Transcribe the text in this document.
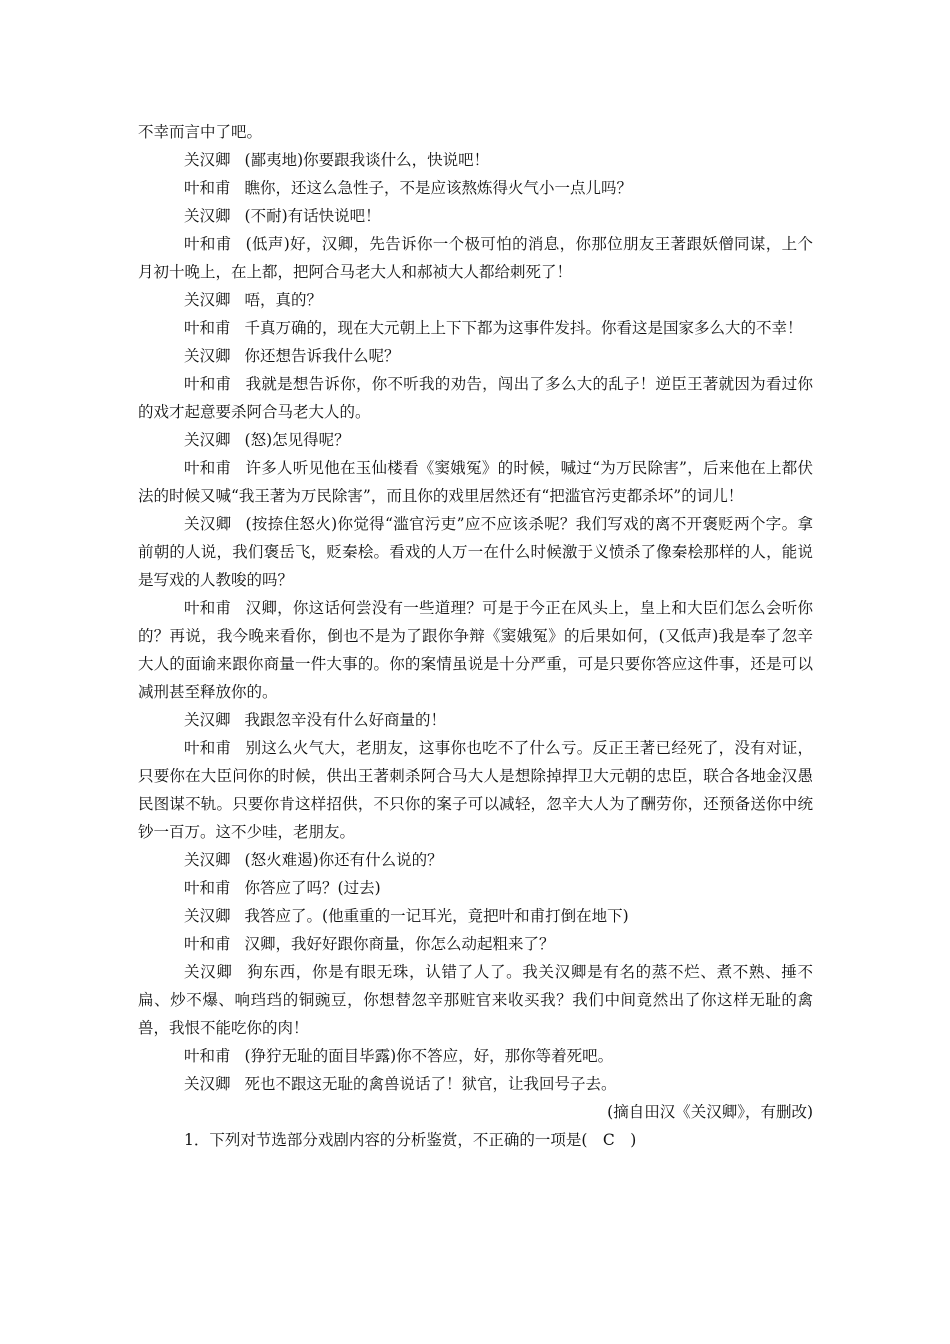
不幸而言中了吧。

关汉卿 (鄙夷地)你要跟我谈什么，快说吧！

叶和甫 瞧你，还这么急性子，不是应该熬炼得火气小一点儿吗？

关汉卿 (不耐)有话快说吧！

叶和甫 (低声)好，汉卿，先告诉你一个极可怕的消息，你那位朋友王著跟妖僧同谋，上个月初十晚上，在上都，把阿合马老大人和郝祯大人都给刺死了！

关汉卿 唔，真的？

叶和甫 千真万确的，现在大元朝上上下下都为这事件发抖。你看这是国家多么大的不幸！

关汉卿 你还想告诉我什么呢？

叶和甫 我就是想告诉你，你不听我的劝告，闯出了多么大的乱子！逆臣王著就因为看过你的戏才起意要杀阿合马老大人的。

关汉卿 (怒)怎见得呢？

叶和甫 许多人听见他在玉仙楼看《窦娥冤》的时候，喊过“为万民除害”，后来他在上都伏法的时候又喊“我王著为万民除害”，而且你的戏里居然还有“把滥官污吏都杀坏”的词儿！

关汉卿 (按捺住怒火)你觉得“滥官污吏”应不应该杀呢？我们写戏的离不开褒贬两个字。拿前朝的人说，我们褒岳飞，贬秦桧。看戏的人万一在什么时候激于义愤杀了像秦桧那样的人，能说是写戏的人教唆的吗？

叶和甫 汉卿，你这话何尝没有一些道理？可是于今正在风头上，皇上和大臣们怎么会听你的？再说，我今晚来看你，倒也不是为了跟你争辩《窦娥冤》的后果如何，(又低声)我是奉了忽辛大人的面谕来跟你商量一件大事的。你的案情虽说是十分严重，可是只要你答应这件事，还是可以减刑甚至释放你的。

关汉卿 我跟忽辛没有什么好商量的！

叶和甫 别这么火气大，老朋友，这事你也吃不了什么亏。反正王著已经死了，没有对证，只要你在大臣问你的时候，供出王著刺杀阿合马大人是想除掉捍卫大元朝的忠臣，联合各地金汉愚民图谋不轨。只要你肯这样招供，不只你的案子可以减轻，忽辛大人为了酬劳你，还预备送你中统钞一百万。这不少哇，老朋友。

关汉卿 (怒火难遏)你还有什么说的？

叶和甫 你答应了吗？(过去)

关汉卿 我答应了。(他重重的一记耳光，竟把叶和甫打倒在地下)

叶和甫 汉卿，我好好跟你商量，你怎么动起粗来了？

关汉卿 狗东西，你是有眼无珠，认错了人了。我关汉卿是有名的蒸不烂、煮不熟、捶不扁、炒不爆、响珰珰的铜豌豆，你想替忽辛那赃官来收买我？我们中间竟然出了你这样无耻的禽兽，我恨不能吃你的肉！

叶和甫 (狰狞无耻的面目毕露)你不答应，好，那你等着死吧。

关汉卿 死也不跟这无耻的禽兽说话了！狱官，让我回号子去。

(摘自田汉《关汉卿》，有删改)

1．下列对节选部分戏剧内容的分析鉴赏，不正确的一项是(　C　)
